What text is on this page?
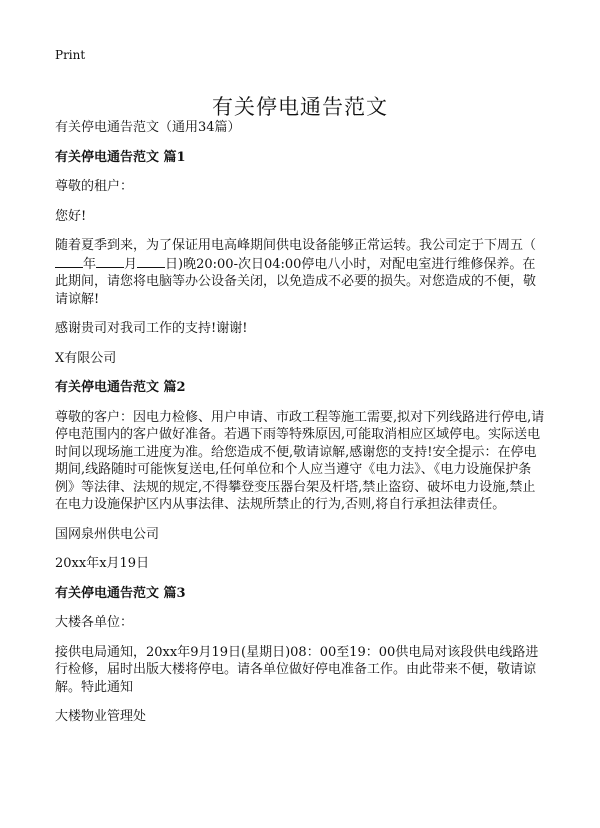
Print
有关停电通告范文

有关停电通告范文（通用34篇）

有关停电通告范文 篇1

尊敬的租户：

您好!

随着夏季到来，为了保证用电高峰期间供电设备能够正常运转。我公司定于下周五（年 月 日)晚20:00-次日04:00停电八小时，对配电室进行维修保养。在此期间，请您将电脑等办公设备关闭，以免造成不必要的损失。对您造成的不便，敬请谅解!

感谢贵司对我司工作的支持!谢谢!

X有限公司

有关停电通告范文 篇2

尊敬的客户：因电力检修、用户申请、市政工程等施工需要,拟对下列线路进行停电,请停电范围内的客户做好准备。若遇下雨等特殊原因,可能取消相应区域停电。实际送电时间以现场施工进度为准。给您造成不便,敬请谅解,感谢您的支持!安全提示：在停电期间,线路随时可能恢复送电,任何单位和个人应当遵守《电力法》、《电力设施保护条例》等法律、法规的规定,不得攀登变压器台架及杆塔,禁止盗窃、破坏电力设施,禁止在电力设施保护区内从事法律、法规所禁止的行为,否则,将自行承担法律责任。

国网泉州供电公司

20xx年x月19日

有关停电通告范文 篇3

大楼各单位：

接供电局通知，20xx年9月19日(星期日)08：00至19：00供电局对该段供电线路进行检修，届时出版大楼将停电。请各单位做好停电准备工作。由此带来不便，敬请谅解。特此通知

大楼物业管理处
